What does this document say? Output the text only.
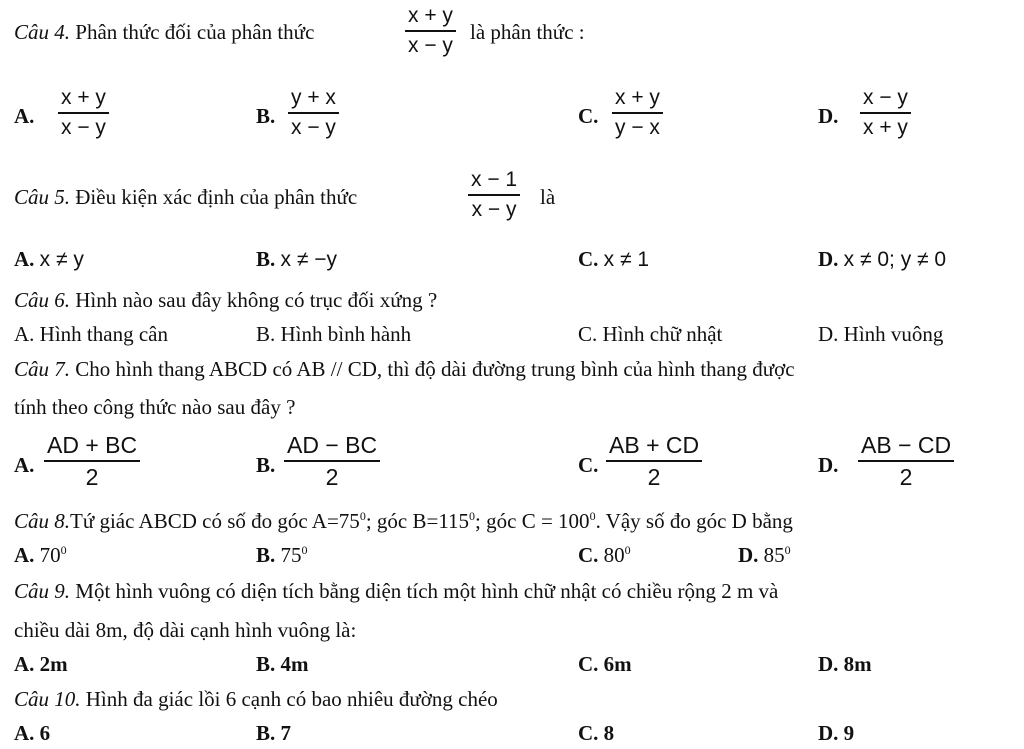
Câu 4. Phân thức đối của phân thức
x + y
x − y
là phân thức :
A.
x + y
x − y	B.
y + x
x − y	C.
x + y
y − x	D.
x − y
x + y
Câu 5. Điều kiện xác định của phân thức
x − 1
x − y là
A. x ≠ y	B. x ≠ −y	C. x ≠ 1	D. x ≠ 0; y ≠ 0
Câu 6. Hình nào sau đây không có trục đối xứng ?
A. Hình thang cân	B. Hình bình hành	C. Hình chữ nhật	D. Hình vuông
Câu 7. Cho hình thang ABCD có AB // CD, thì độ dài đường trung bình của hình thang được
tính theo công thức nào sau đây ?
A.
AD + BC
2	B.
AD − BC
2	C.
AB + CD
2	D.
AB − CD
2
Câu 8.Tứ giác ABCD có số đo góc $A=75^0$; góc $B=115^0$; góc $C = 100^0$. Vậy số đo góc D bằng
A. $70^0$	B. $75^0$	C. $80^0$	D. $85^0$
Câu 9. Một hình vuông có diện tích bằng diện tích một hình chữ nhật có chiều rộng 2 m và
chiều dài 8m, độ dài cạnh hình vuông là:
A. 2m	B. 4m	C. 6m	D. 8m
Câu 10. Hình đa giác lồi 6 cạnh có bao nhiêu đường chéo
A. 6	B. 7	C. 8	D. 9
